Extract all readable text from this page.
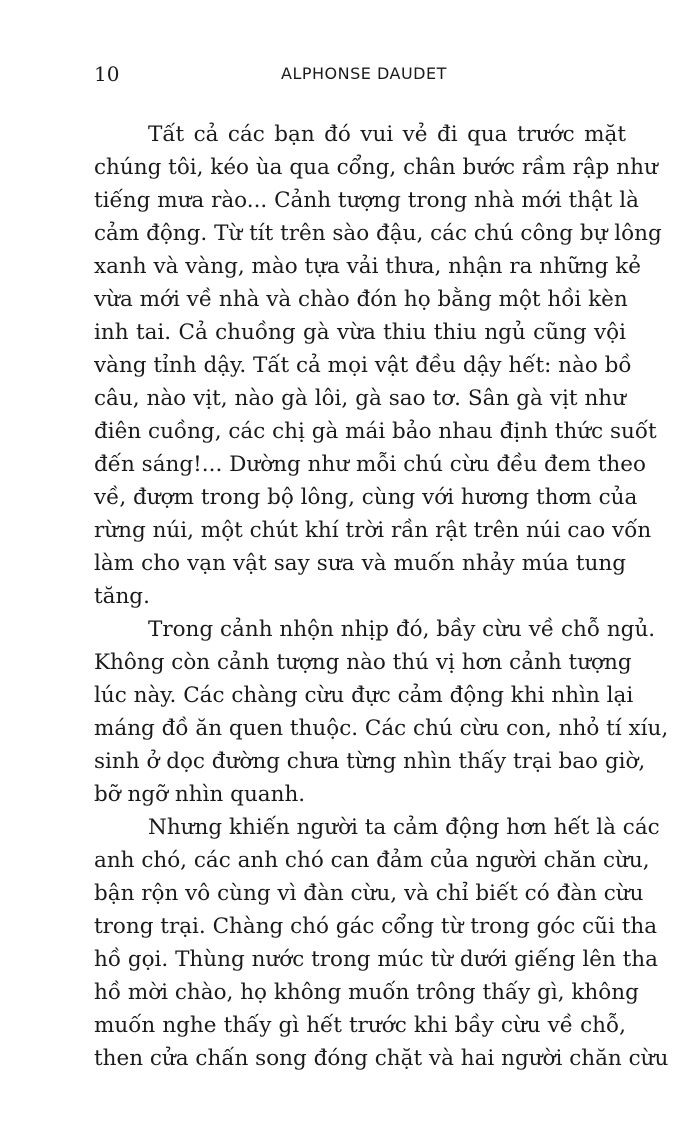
10	ALPHONSE DAUDET
Tất cả các bạn đó vui vẻ đi qua trước mặt
chúng tôi, kéo ùa qua cổng, chân bước rầm rập như
tiếng mưa rào... Cảnh tượng trong nhà mới thật là
cảm động. Từ tít trên sào đậu, các chú công bự lông
xanh và vàng, mào tựa vải thưa, nhận ra những kẻ
vừa mới về nhà và chào đón họ bằng một hồi kèn
inh tai. Cả chuồng gà vừa thiu thiu ngủ cũng vội
vàng tỉnh dậy. Tất cả mọi vật đều dậy hết: nào bồ
câu, nào vịt, nào gà lôi, gà sao tơ. Sân gà vịt như
điên cuồng, các chị gà mái bảo nhau định thức suốt
đến sáng!... Dường như mỗi chú cừu đều đem theo
về, đượm trong bộ lông, cùng với hương thơm của
rừng núi, một chút khí trời rần rật trên núi cao vốn
làm cho vạn vật say sưa và muốn nhảy múa tung
tăng.
Trong cảnh nhộn nhịp đó, bầy cừu về chỗ ngủ.
Không còn cảnh tượng nào thú vị hơn cảnh tượng
lúc này. Các chàng cừu đực cảm động khi nhìn lại
máng đồ ăn quen thuộc. Các chú cừu con, nhỏ tí xíu,
sinh ở dọc đường chưa từng nhìn thấy trại bao giờ,
bỡ ngỡ nhìn quanh.
Nhưng khiến người ta cảm động hơn hết là các
anh chó, các anh chó can đảm của người chăn cừu,
bận rộn vô cùng vì đàn cừu, và chỉ biết có đàn cừu
trong trại. Chàng chó gác cổng từ trong góc cũi tha
hồ gọi. Thùng nước trong múc từ dưới giếng lên tha
hồ mời chào, họ không muốn trông thấy gì, không
muốn nghe thấy gì hết trước khi bầy cừu về chỗ,
then cửa chấn song đóng chặt và hai người chăn cừu
